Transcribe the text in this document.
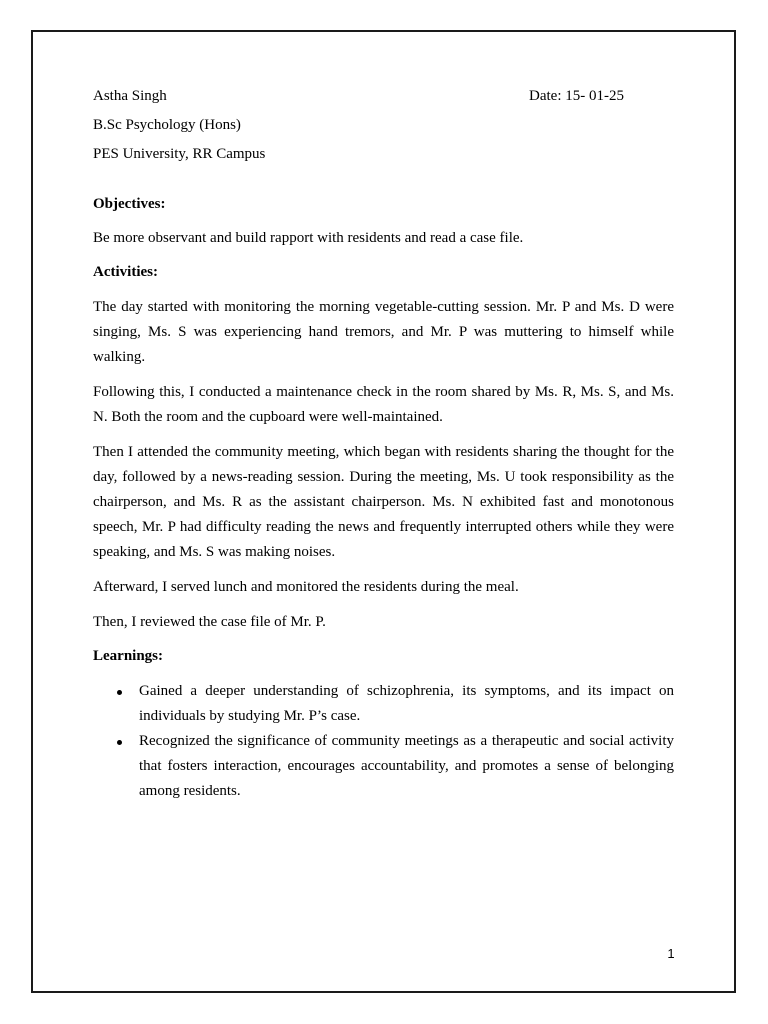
Astha Singh	Date: 15- 01-25
B.Sc Psychology (Hons)
PES University, RR Campus
Objectives:

Be more observant and build rapport with residents and read a case file.

Activities:

The day started with monitoring the morning vegetable-cutting session. Mr. P and Ms. D were singing, Ms. S was experiencing hand tremors, and Mr. P was muttering to himself while walking.

Following this, I conducted a maintenance check in the room shared by Ms. R, Ms. S, and Ms. N. Both the room and the cupboard were well-maintained.

Then I attended the community meeting, which began with residents sharing the thought for the day, followed by a news-reading session. During the meeting, Ms. U took responsibility as the chairperson, and Ms. R as the assistant chairperson. Ms. N exhibited fast and monotonous speech, Mr. P had difficulty reading the news and frequently interrupted others while they were speaking, and Ms. S was making noises.

Afterward, I served lunch and monitored the residents during the meal.

Then, I reviewed the case file of Mr. P.

Learnings:
Gained a deeper understanding of schizophrenia, its symptoms, and its impact on individuals by studying Mr. P’s case.
Recognized the significance of community meetings as a therapeutic and social activity that fosters interaction, encourages accountability, and promotes a sense of belonging among residents.
1
